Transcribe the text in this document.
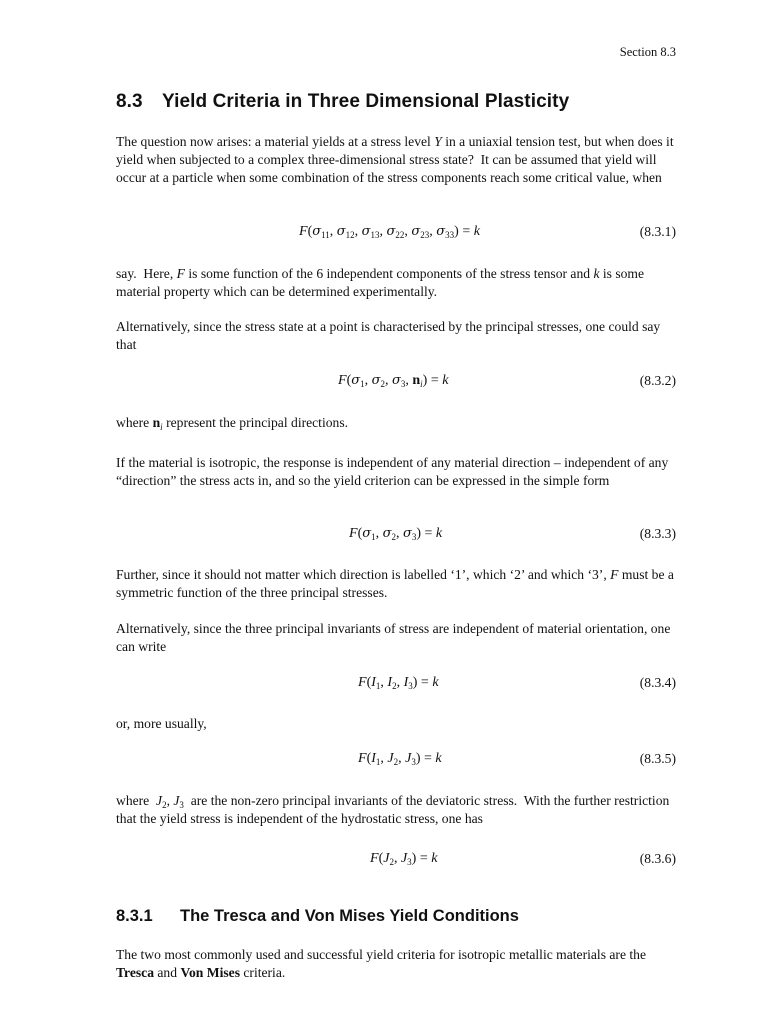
Section 8.3
8.3 Yield Criteria in Three Dimensional Plasticity
The question now arises: a material yields at a stress level Y in a uniaxial tension test, but when does it yield when subjected to a complex three-dimensional stress state?  It can be assumed that yield will occur at a particle when some combination of the stress components reach some critical value, when
$F(\sigma_{11}$, $\sigma_{12}$, $\sigma_{13}$, $\sigma_{22}$, $\sigma_{23}$, $\sigma_{33}) = k$	(8.3.1)
say.  Here, F is some function of the 6 independent components of the stress tensor and k is some material property which can be determined experimentally.
Alternatively, since the stress state at a point is characterised by the principal stresses, one could say that
$F(\sigma_1$, $\sigma_2$, $\sigma_3$, $n_i) = k$	(8.3.2)
where $n_i$ represent the principal directions.
If the material is isotropic, the response is independent of any material direction – independent of any “direction” the stress acts in, and so the yield criterion can be expressed in the simple form
$F(\sigma_1$, $\sigma_2$, $\sigma_3) = k$	(8.3.3)
Further, since it should not matter which direction is labelled ‘1’, which ‘2’ and which ‘3’, F must be a symmetric function of the three principal stresses.
Alternatively, since the three principal invariants of stress are independent of material orientation, one can write
$F(I_1$, $I_2$, $I_3) = k$	(8.3.4)
or, more usually,
$F(I_1$, $J_2$, $J_3) = k$	(8.3.5)
where  $J_2$, $J_3$  are the non-zero principal invariants of the deviatoric stress.  With the further restriction that the yield stress is independent of the hydrostatic stress, one has
$F(J_2$, $J_3) = k$	(8.3.6)
8.3.1 The Tresca and Von Mises Yield Conditions
The two most commonly used and successful yield criteria for isotropic metallic materials are the Tresca and Von Mises criteria.
